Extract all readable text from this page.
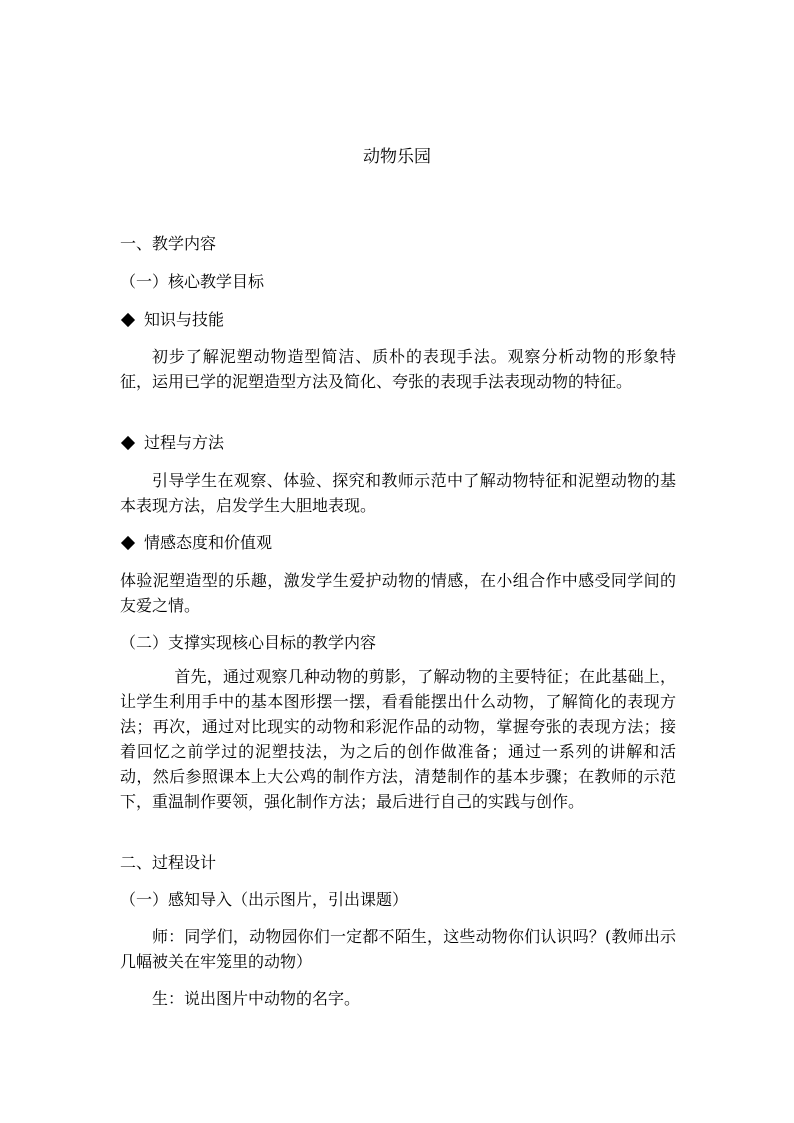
动物乐园
一、教学内容
（一）核心教学目标
知识与技能
初步了解泥塑动物造型简洁、质朴的表现手法。观察分析动物的形象特征，运用已学的泥塑造型方法及简化、夸张的表现手法表现动物的特征。
过程与方法
引导学生在观察、体验、探究和教师示范中了解动物特征和泥塑动物的基本表现方法，启发学生大胆地表现。
情感态度和价值观
体验泥塑造型的乐趣，激发学生爱护动物的情感，在小组合作中感受同学间的友爱之情。
（二）支撑实现核心目标的教学内容
首先，通过观察几种动物的剪影，了解动物的主要特征；在此基础上，让学生利用手中的基本图形摆一摆，看看能摆出什么动物，了解简化的表现方法；再次，通过对比现实的动物和彩泥作品的动物，掌握夸张的表现方法；接着回忆之前学过的泥塑技法，为之后的创作做准备；通过一系列的讲解和活动，然后参照课本上大公鸡的制作方法，清楚制作的基本步骤；在教师的示范下，重温制作要领，强化制作方法；最后进行自己的实践与创作。
二、过程设计
（一）感知导入（出示图片，引出课题）
师：同学们，动物园你们一定都不陌生，这些动物你们认识吗？(教师出示几幅被关在牢笼里的动物）
生：说出图片中动物的名字。
